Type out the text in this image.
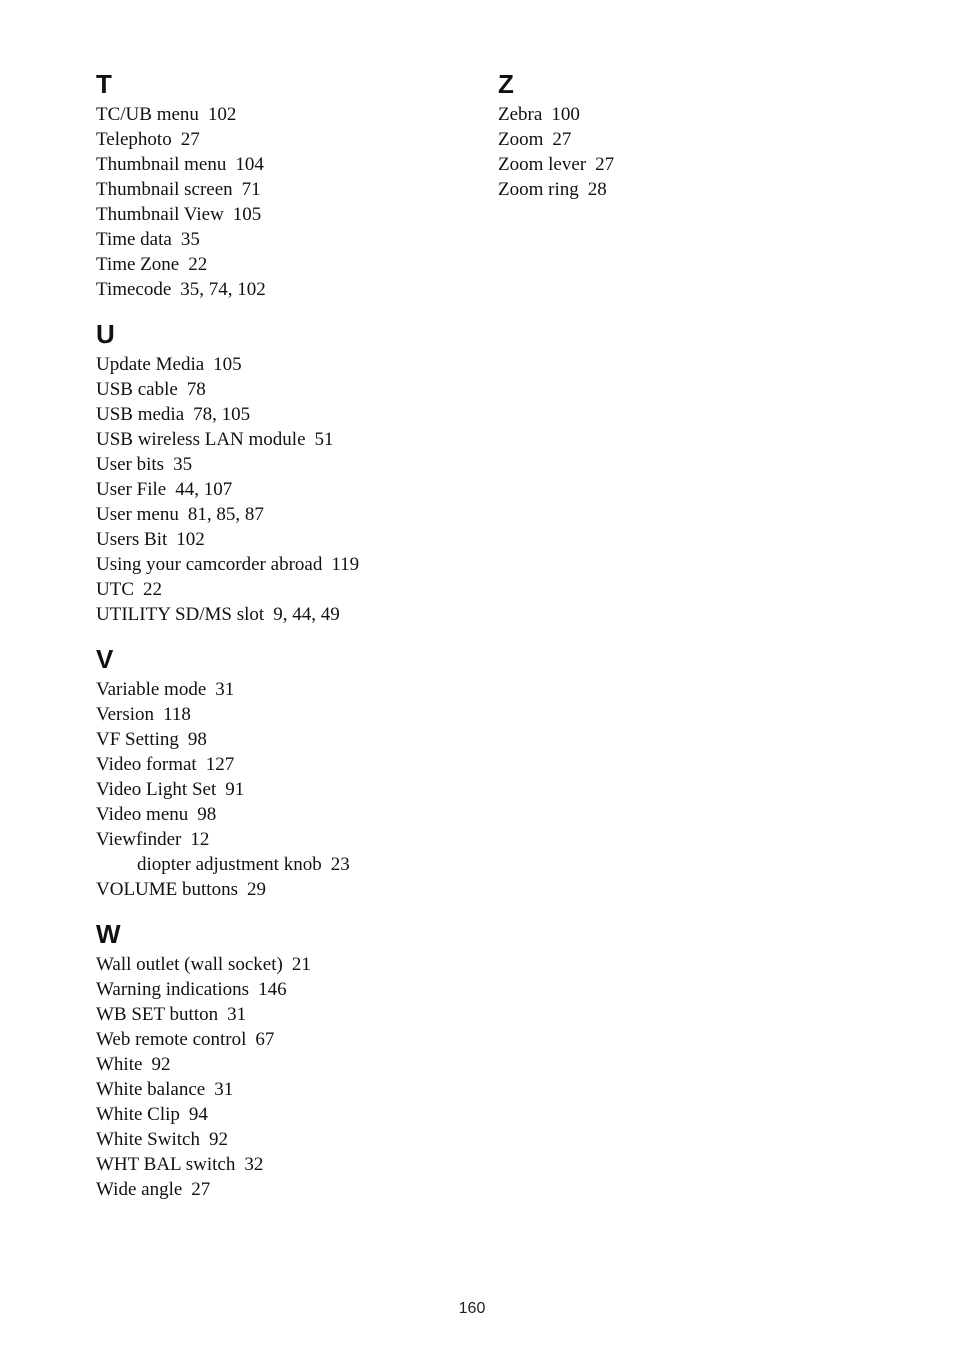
T
TC/UB menu 102
Telephoto 27
Thumbnail menu 104
Thumbnail screen 71
Thumbnail View 105
Time data 35
Time Zone 22
Timecode 35, 74, 102
U
Update Media 105
USB cable 78
USB media 78, 105
USB wireless LAN module 51
User bits 35
User File 44, 107
User menu 81, 85, 87
Users Bit 102
Using your camcorder abroad 119
UTC 22
UTILITY SD/MS slot 9, 44, 49
V
Variable mode 31
Version 118
VF Setting 98
Video format 127
Video Light Set 91
Video menu 98
Viewfinder 12
diopter adjustment knob 23
VOLUME buttons 29
W
Wall outlet (wall socket) 21
Warning indications 146
WB SET button 31
Web remote control 67
White 92
White balance 31
White Clip 94
White Switch 92
WHT BAL switch 32
Wide angle 27
Z
Zebra 100
Zoom 27
Zoom lever 27
Zoom ring 28
160
